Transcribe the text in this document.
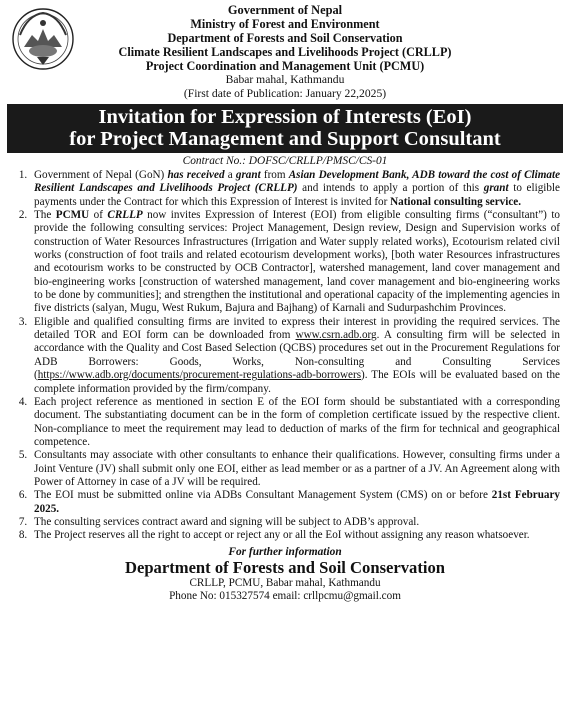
Government of Nepal
Ministry of Forest and Environment
Department of Forests and Soil Conservation
Climate Resilient Landscapes and Livelihoods Project (CRLLP)
Project Coordination and Management Unit (PCMU)
Babar mahal, Kathmandu
(First date of Publication: January 22,2025)
Invitation for Expression of Interests (EoI)
for Project Management and Support Consultant
Contract No.: DOFSC/CRLLP/PMSC/CS-01
1. Government of Nepal (GoN) has received a grant from Asian Development Bank, ADB toward the cost of Climate Resilient Landscapes and Livelihoods Project (CRLLP) and intends to apply a portion of this grant to eligible payments under the Contract for which this Expression of Interest is invited for National consulting service.
2. The PCMU of CRLLP now invites Expression of Interest (EOI) from eligible consulting firms (“consultant”) to provide the following consulting services: Project Management, Design review, Design and Supervision works of construction of Water Resources Infrastructures (Irrigation and Water supply related works), Ecotourism related civil works (construction of foot trails and related ecotourism development works), [both water Resources infrastructures and ecotourism works to be constructed by OCB Contractor], watershed management, land cover management and bio-engineering works [construction of watershed management, land cover management and bio-engineering works to be done by communities]; and strengthen the institutional and operational capacity of the implementing agencies in five districts (salyan, Mugu, West Rukum, Bajura and Bajhang) of Karnali and Sudurpashchim Provinces.
3. Eligible and qualified consulting firms are invited to express their interest in providing the required services. The detailed TOR and EOI form can be downloaded from www.csrn.adb.org. A consulting firm will be selected in accordance with the Quality and Cost Based Selection (QCBS) procedures set out in the Procurement Regulations for ADB Borrowers: Goods, Works, Non-consulting and Consulting Services (https://www.adb.org/documents/procurement-regulations-adb-borrowers). The EOIs will be evaluated based on the complete information provided by the firm/company.
4. Each project reference as mentioned in section E of the EOI form should be substantiated with a corresponding document. The substantiating document can be in the form of completion certificate issued by the respective client. Non-compliance to meet the requirement may lead to deduction of marks of the firm for technical and geographical competence.
5. Consultants may associate with other consultants to enhance their qualifications. However, consulting firms under a Joint Venture (JV) shall submit only one EOI, either as lead member or as a partner of a JV. An Agreement along with Power of Attorney in case of a JV will be required.
6. The EOI must be submitted online via ADBs Consultant Management System (CMS) on or before 21st February 2025.
7. The consulting services contract award and signing will be subject to ADB’s approval.
8. The Project reserves all the right to accept or reject any or all the EoI without assigning any reason whatsoever.
For further information
Department of Forests and Soil Conservation
CRLLP, PCMU, Babar mahal, Kathmandu
Phone No: 015327574 email: crllpcmu@gmail.com
